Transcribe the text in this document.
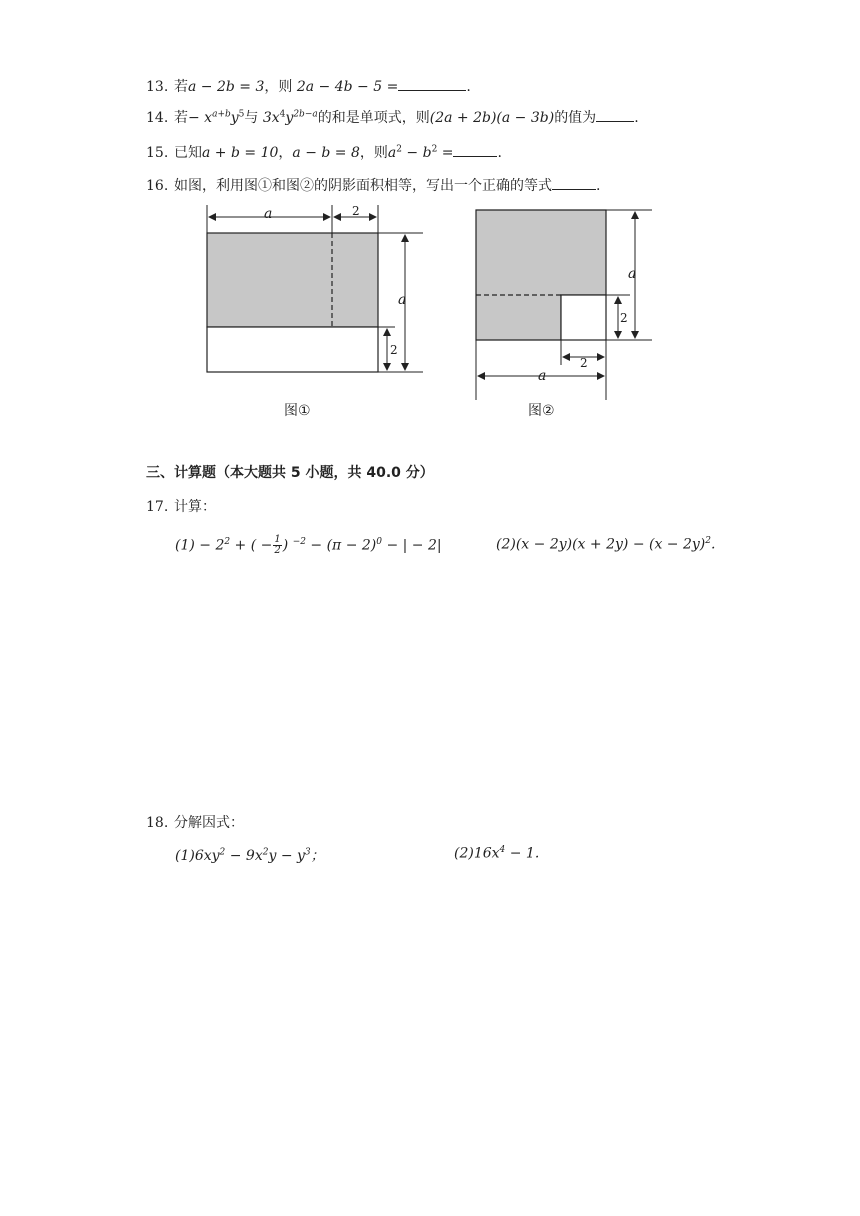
13. 若a − 2b = 3，则 2a − 4b − 5 =	.
14. 若− $x^{a+b}y^5$与 $3x^4y^{2b-a}$的和是单项式，则(2a + 2b)(a − 3b)的值为	.
15. 已知a + b = 10，a − b = 8，则$a^2 - b^2$ =	.
16. 如图，利用图①和图②的阴影面积相等，写出一个正确的等式	.
a	2
a
2
图①
a
2
a
2
图②
三、计算题（本大题共 5 小题，共 40.0 分）
17. 计算：
$(1) - 2^2$ + ( − $\frac{1}{2}$ ) $^{-2} - (\pi - 2)^0$ − | − 2|	$(2)(x - 2y)(x + 2y) - (x - 2y)^2$.
18. 分解因式：
$(1)6xy^2 - 9x^2y - y^3$；	$(2)16x^4 - 1$.
